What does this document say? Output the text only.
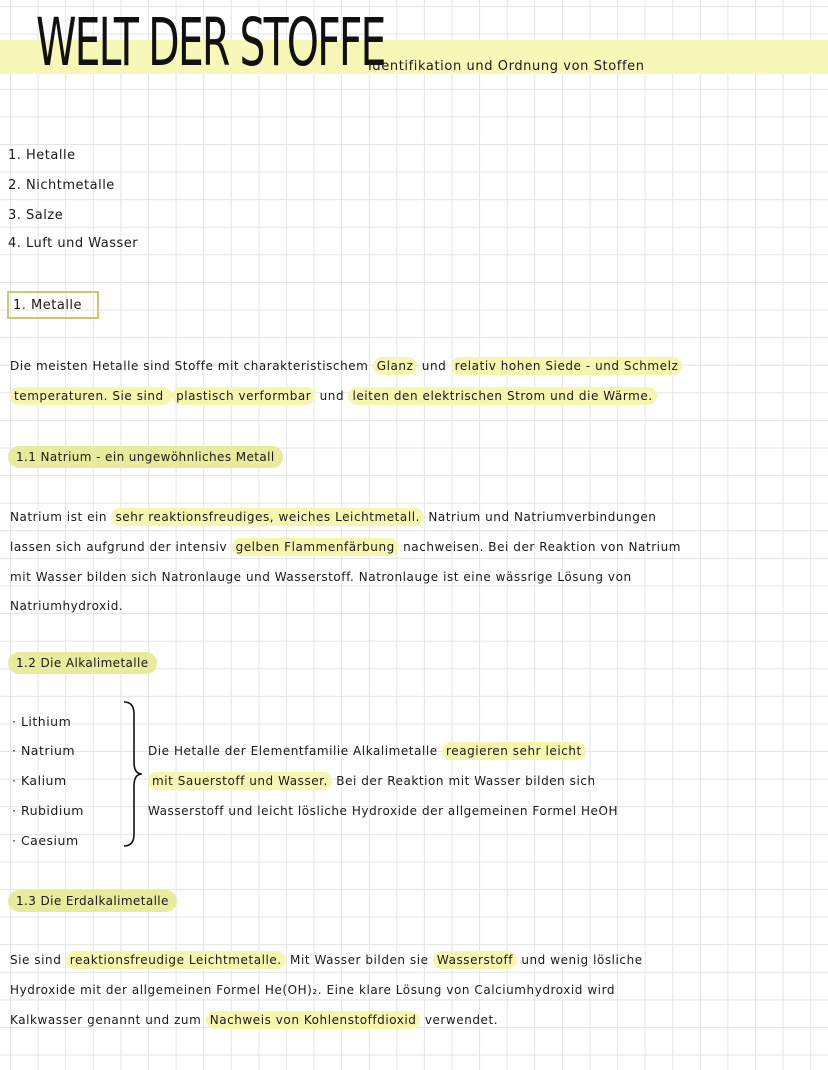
WELT DER STOFFE
Identifikation und Ordnung von Stoffen
1. Hetalle
2. Nichtmetalle
3. Salze
4. Luft und Wasser
1. Metalle
Die meisten Hetalle sind Stoffe mit charakteristischem Glanz und relativ hohen Siede - und Schmelz
temperaturen. Sie sind plastisch verformbar und leiten den elektrischen Strom und die Wärme.
1.1 Natrium - ein ungewöhnliches Metall
Natrium ist ein sehr reaktionsfreudiges, weiches Leichtmetall. Natrium und Natriumverbindungen
lassen sich aufgrund der intensiv gelben Flammenfärbung nachweisen. Bei der Reaktion von Natrium
mit Wasser bilden sich Natronlauge und Wasserstoff. Natronlauge ist eine wässrige Lösung von
Natriumhydroxid.
1.2 Die Alkalimetalle
· Lithium
· Natrium
· Kalium
· Rubidium
· Caesium
Die Hetalle der Elementfamilie Alkalimetalle reagieren sehr leicht
mit Sauerstoff und Wasser. Bei der Reaktion mit Wasser bilden sich
Wasserstoff und leicht lösliche Hydroxide der allgemeinen Formel HeOH
1.3 Die Erdalkalimetalle
Sie sind reaktionsfreudige Leichtmetalle. Mit Wasser bilden sie Wasserstoff und wenig lösliche
Hydroxide mit der allgemeinen Formel He(OH)₂. Eine klare Lösung von Calciumhydroxid wird
Kalkwasser genannt und zum Nachweis von Kohlenstoffdioxid verwendet.
